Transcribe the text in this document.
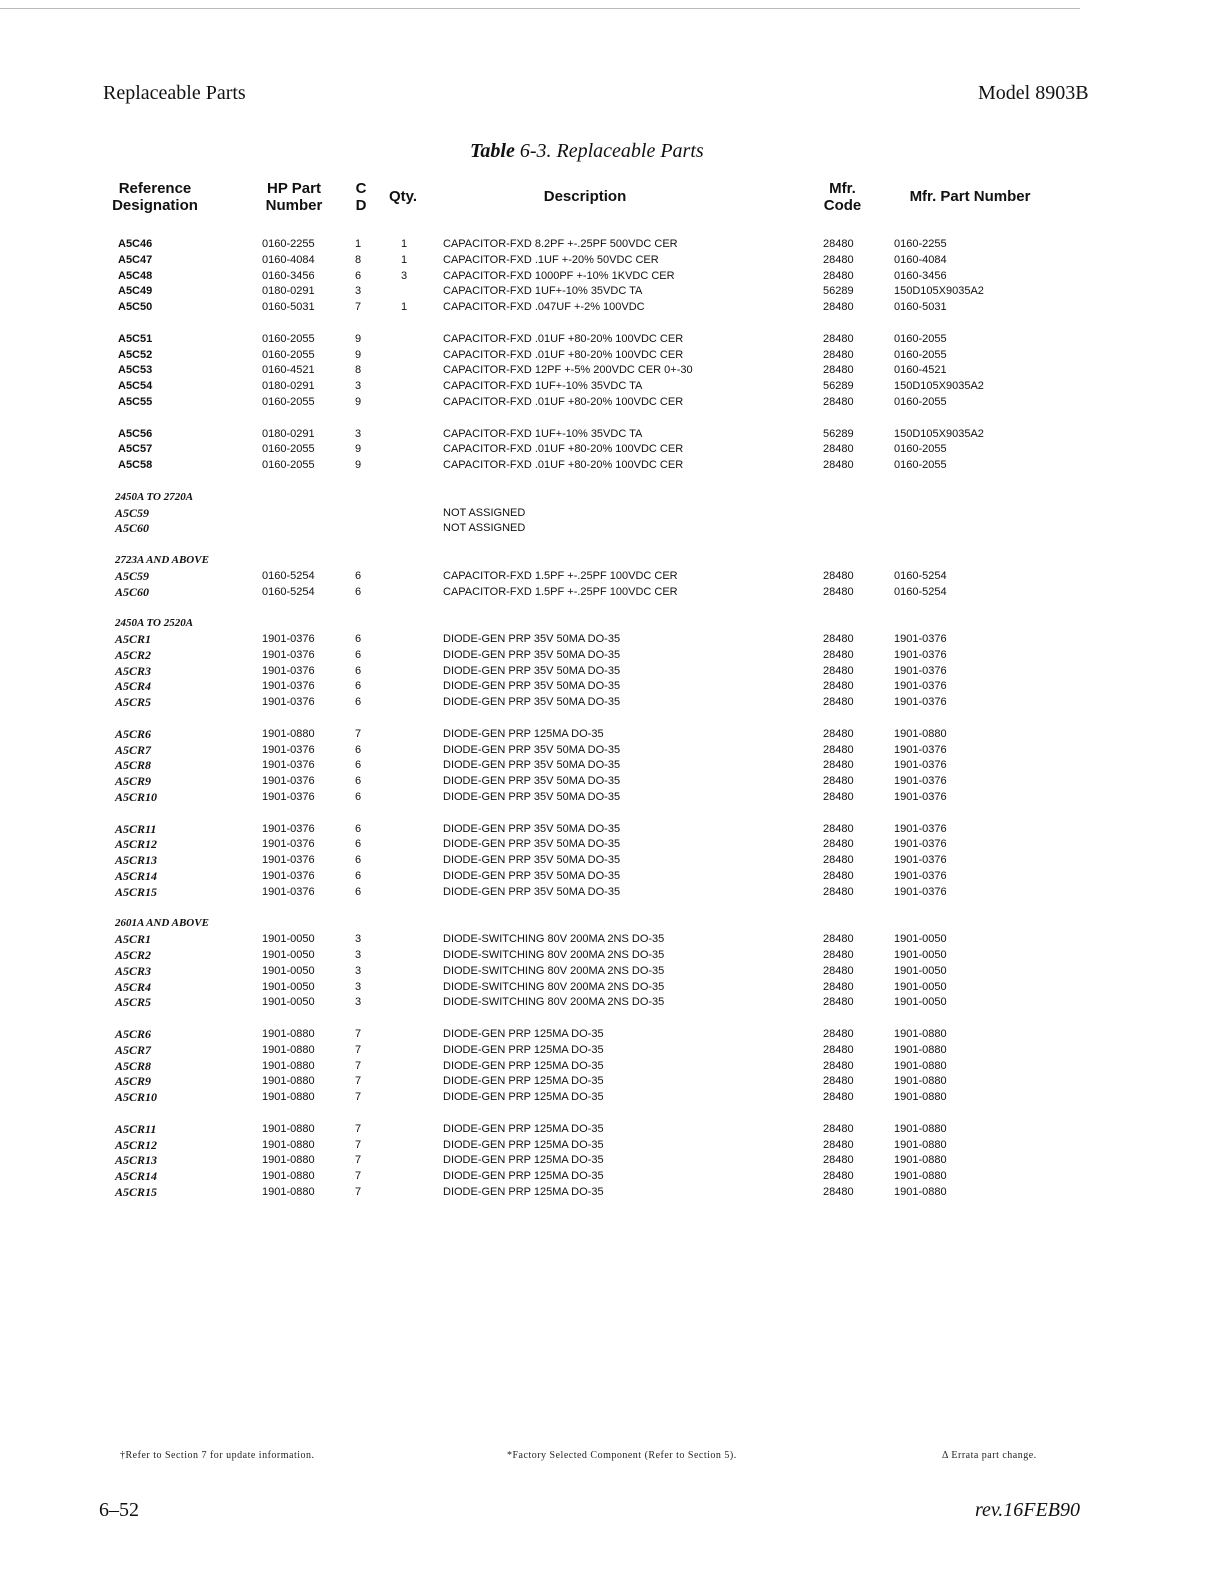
Replaceable Parts	Model 8903B
Table 6-3. Replaceable Parts
Reference
Designation
HP Part
Number
C
D
Qty.	Description	Mfr.
Code
Mfr. Part Number
A5C46	0160-2255	1	1	CAPACITOR-FXD 8.2PF +-.25PF 500VDC CER	28480	0160-2255
A5C47	0160-4084	8	1	CAPACITOR-FXD .1UF +-20% 50VDC CER	28480	0160-4084
A5C48	0160-3456	6	3	CAPACITOR-FXD 1000PF +-10% 1KVDC CER	28480	0160-3456
A5C49	0180-0291	3	CAPACITOR-FXD 1UF+-10% 35VDC TA	56289	150D105X9035A2
A5C50	0160-5031	7	1	CAPACITOR-FXD .047UF +-2% 100VDC	28480	0160-5031
A5C51	0160-2055	9	CAPACITOR-FXD .01UF +80-20% 100VDC CER	28480	0160-2055
A5C52	0160-2055	9	CAPACITOR-FXD .01UF +80-20% 100VDC CER	28480	0160-2055
A5C53	0160-4521	8	CAPACITOR-FXD 12PF +-5% 200VDC CER 0+-30	28480	0160-4521
A5C54	0180-0291	3	CAPACITOR-FXD 1UF+-10% 35VDC TA	56289	150D105X9035A2
A5C55	0160-2055	9	CAPACITOR-FXD .01UF +80-20% 100VDC CER	28480	0160-2055
A5C56	0180-0291	3	CAPACITOR-FXD 1UF+-10% 35VDC TA	56289	150D105X9035A2
A5C57	0160-2055	9	CAPACITOR-FXD .01UF +80-20% 100VDC CER	28480	0160-2055
A5C58	0160-2055	9	CAPACITOR-FXD .01UF +80-20% 100VDC CER	28480	0160-2055
2450A TO 2720A
A5C59	NOT ASSIGNED
A5C60	NOT ASSIGNED
2723A AND ABOVE
A5C59	0160-5254	6	CAPACITOR-FXD 1.5PF +-.25PF 100VDC CER	28480	0160-5254
A5C60	0160-5254	6	CAPACITOR-FXD 1.5PF +-.25PF 100VDC CER	28480	0160-5254
2450A TO 2520A
A5CR1	1901-0376	6	DIODE-GEN PRP 35V 50MA DO-35	28480	1901-0376
A5CR2	1901-0376	6	DIODE-GEN PRP 35V 50MA DO-35	28480	1901-0376
A5CR3	1901-0376	6	DIODE-GEN PRP 35V 50MA DO-35	28480	1901-0376
A5CR4	1901-0376	6	DIODE-GEN PRP 35V 50MA DO-35	28480	1901-0376
A5CR5	1901-0376	6	DIODE-GEN PRP 35V 50MA DO-35	28480	1901-0376
A5CR6	1901-0880	7	DIODE-GEN PRP 125MA DO-35	28480	1901-0880
A5CR7	1901-0376	6	DIODE-GEN PRP 35V 50MA DO-35	28480	1901-0376
A5CR8	1901-0376	6	DIODE-GEN PRP 35V 50MA DO-35	28480	1901-0376
A5CR9	1901-0376	6	DIODE-GEN PRP 35V 50MA DO-35	28480	1901-0376
A5CR10	1901-0376	6	DIODE-GEN PRP 35V 50MA DO-35	28480	1901-0376
A5CR11	1901-0376	6	DIODE-GEN PRP 35V 50MA DO-35	28480	1901-0376
A5CR12	1901-0376	6	DIODE-GEN PRP 35V 50MA DO-35	28480	1901-0376
A5CR13	1901-0376	6	DIODE-GEN PRP 35V 50MA DO-35	28480	1901-0376
A5CR14	1901-0376	6	DIODE-GEN PRP 35V 50MA DO-35	28480	1901-0376
A5CR15	1901-0376	6	DIODE-GEN PRP 35V 50MA DO-35	28480	1901-0376
2601A AND ABOVE
A5CR1	1901-0050	3	DIODE-SWITCHING 80V 200MA 2NS DO-35	28480	1901-0050
A5CR2	1901-0050	3	DIODE-SWITCHING 80V 200MA 2NS DO-35	28480	1901-0050
A5CR3	1901-0050	3	DIODE-SWITCHING 80V 200MA 2NS DO-35	28480	1901-0050
A5CR4	1901-0050	3	DIODE-SWITCHING 80V 200MA 2NS DO-35	28480	1901-0050
A5CR5	1901-0050	3	DIODE-SWITCHING 80V 200MA 2NS DO-35	28480	1901-0050
A5CR6	1901-0880	7	DIODE-GEN PRP 125MA DO-35	28480	1901-0880
A5CR7	1901-0880	7	DIODE-GEN PRP 125MA DO-35	28480	1901-0880
A5CR8	1901-0880	7	DIODE-GEN PRP 125MA DO-35	28480	1901-0880
A5CR9	1901-0880	7	DIODE-GEN PRP 125MA DO-35	28480	1901-0880
A5CR10	1901-0880	7	DIODE-GEN PRP 125MA DO-35	28480	1901-0880
A5CR11	1901-0880	7	DIODE-GEN PRP 125MA DO-35	28480	1901-0880
A5CR12	1901-0880	7	DIODE-GEN PRP 125MA DO-35	28480	1901-0880
A5CR13	1901-0880	7	DIODE-GEN PRP 125MA DO-35	28480	1901-0880
A5CR14	1901-0880	7	DIODE-GEN PRP 125MA DO-35	28480	1901-0880
A5CR15	1901-0880	7	DIODE-GEN PRP 125MA DO-35	28480	1901-0880
†Refer to Section 7 for update information.	*Factory Selected Component (Refer to Section 5).	Δ Errata part change.
6–52	rev.16FEB90
